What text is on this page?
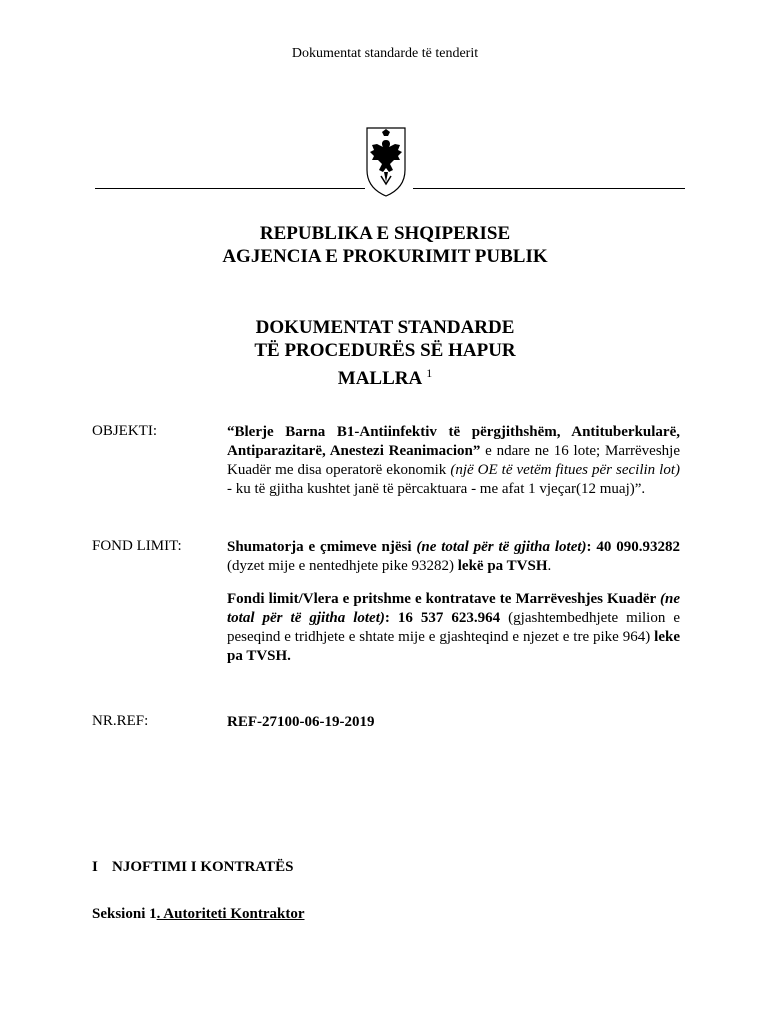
Dokumentat standarde të tenderit
REPUBLIKA E SHQIPERISE
AGJENCIA E PROKURIMIT PUBLIK
DOKUMENTAT STANDARDE
TË PROCEDURËS SË HAPUR
MALLRA $^1$
OBJEKTI:	“Blerje Barna B1-Antiinfektiv të përgjithshëm, Antituberkularë, Antiparazitarë, Anestezi Reanimacion” e ndare ne 16 lote; Marrëveshje Kuadër me disa operatorë ekonomik (një OE të vetëm fitues për secilin lot) - ku të gjitha kushtet janë të përcaktuara - me afat 1 vjeçar(12 muaj)”.

FOND LIMIT:	Shumatorja e çmimeve njësi (ne total për të gjitha lotet): 40 090.93282 (dyzet mije e nentedhjete pike 93282) lekë pa TVSH.

Fondi limit/Vlera e pritshme e kontratave te Marrëveshjes Kuadër (ne total për të gjitha lotet): 16 537 623.964 (gjashtembedhjete milion e peseqind e tridhjete e shtate mije e gjashteqind e njezet e tre pike 964) leke pa TVSH.

NR.REF:	REF-27100-06-19-2019
I NJOFTIMI I KONTRATËS
Seksioni 1. Autoriteti Kontraktor
